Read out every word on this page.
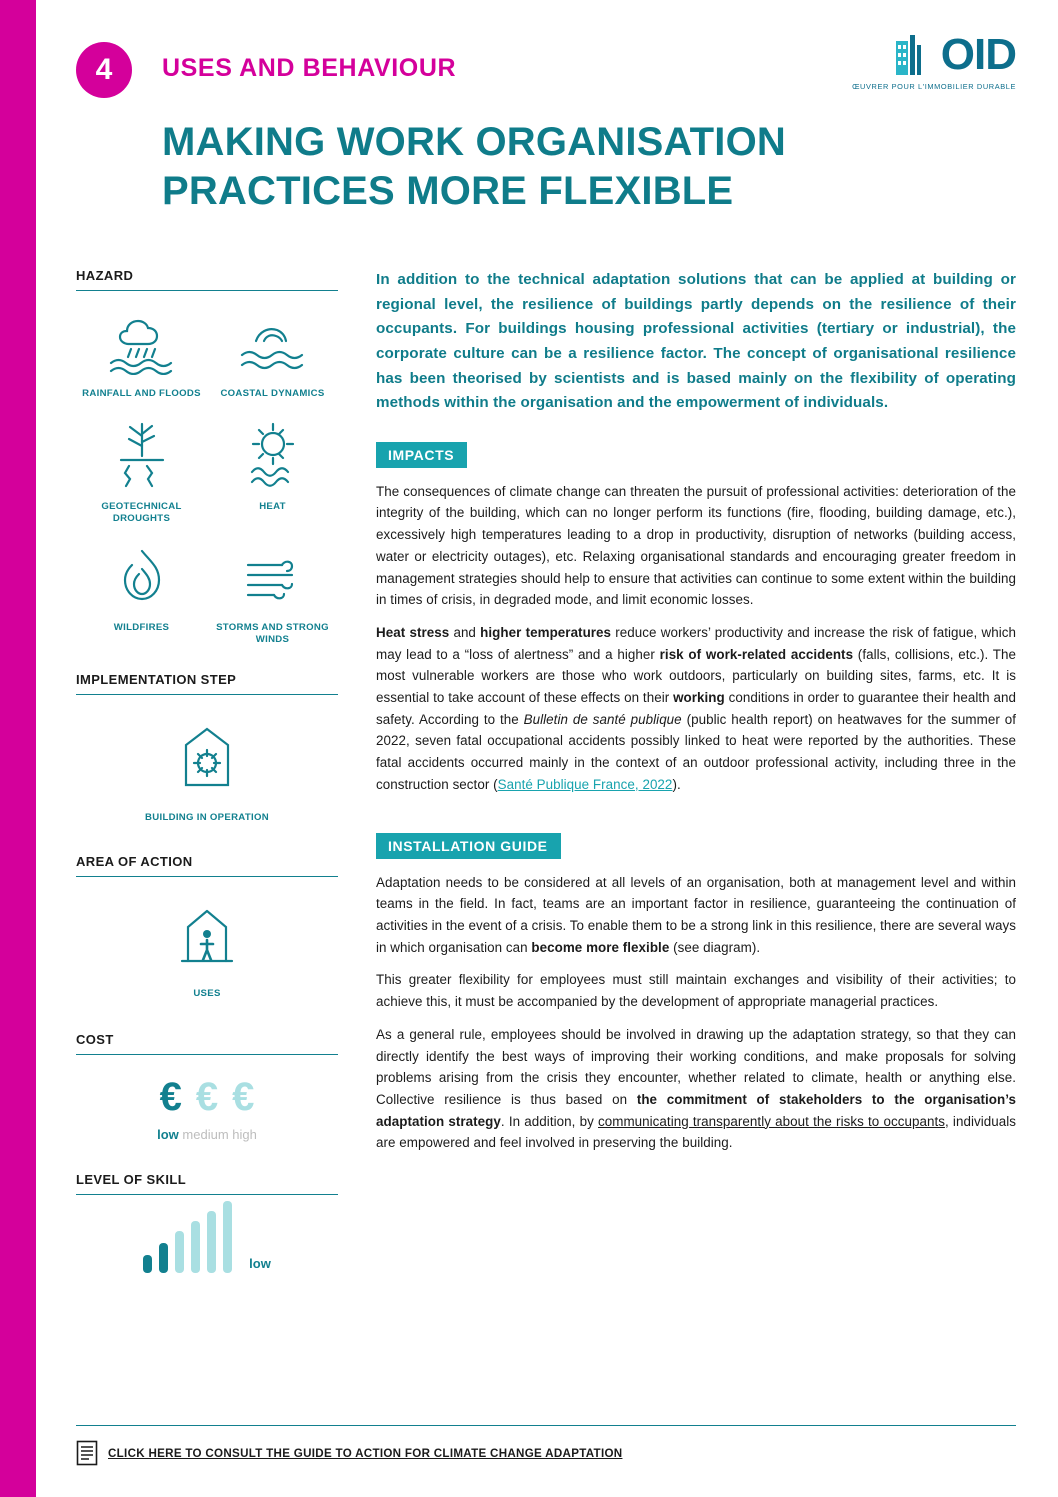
4	USES AND BEHAVIOUR	OID
ŒUVRER POUR L'IMMOBILIER DURABLE
MAKING WORK ORGANISATION PRACTICES MORE FLEXIBLE
HAZARD
RAINFALL AND FLOODS	COASTAL DYNAMICS
GEOTECHNICAL DROUGHTS
HEAT
WILDFIRES	STORMS AND STRONG WINDS
IMPLEMENTATION STEP
BUILDING IN OPERATION
AREA OF ACTION
USES
COST
€ € €
low medium high
LEVEL OF SKILL
low
In addition to the technical adaptation solutions that can be applied at building or regional level, the resilience of buildings partly depends on the resilience of their occupants. For buildings housing professional activities (tertiary or industrial), the corporate culture can be a resilience factor. The concept of organisational resilience has been theorised by scientists and is based mainly on the flexibility of operating methods within the organisation and the empowerment of individuals.
IMPACTS

The consequences of climate change can threaten the pursuit of professional activities: deterioration of the integrity of the building, which can no longer perform its functions (fire, flooding, building damage, etc.), excessively high temperatures leading to a drop in productivity, disruption of networks (building access, water or electricity outages), etc. Relaxing organisational standards and encouraging greater freedom in management strategies should help to ensure that activities can continue to some extent within the building in times of crisis, in degraded mode, and limit economic losses.

Heat stress and higher temperatures reduce workers’ productivity and increase the risk of fatigue, which may lead to a “loss of alertness” and a higher risk of work-related accidents (falls, collisions, etc.). The most vulnerable workers are those who work outdoors, particularly on building sites, farms, etc. It is essential to take account of these effects on their working conditions in order to guarantee their health and safety. According to the Bulletin de santé publique (public health report) on heatwaves for the summer of 2022, seven fatal occupational accidents possibly linked to heat were reported by the authorities. These fatal accidents occurred mainly in the context of an outdoor professional activity, including three in the construction sector (Santé Publique France, 2022).

INSTALLATION GUIDE

Adaptation needs to be considered at all levels of an organisation, both at management level and within teams in the field. In fact, teams are an important factor in resilience, guaranteeing the continuation of activities in the event of a crisis. To enable them to be a strong link in this resilience, there are several ways in which organisation can become more flexible (see diagram).

This greater flexibility for employees must still maintain exchanges and visibility of their activities; to achieve this, it must be accompanied by the development of appropriate managerial practices.

As a general rule, employees should be involved in drawing up the adaptation strategy, so that they can directly identify the best ways of improving their working conditions, and make proposals for solving problems arising from the crisis they encounter, whether related to climate, health or anything else. Collective resilience is thus based on the commitment of stakeholders to the organisation’s adaptation strategy. In addition, by communicating transparently about the risks to occupants, individuals are empowered and feel involved in preserving the building.

CLICK HERE TO CONSULT THE GUIDE TO ACTION FOR CLIMATE CHANGE ADAPTATION
